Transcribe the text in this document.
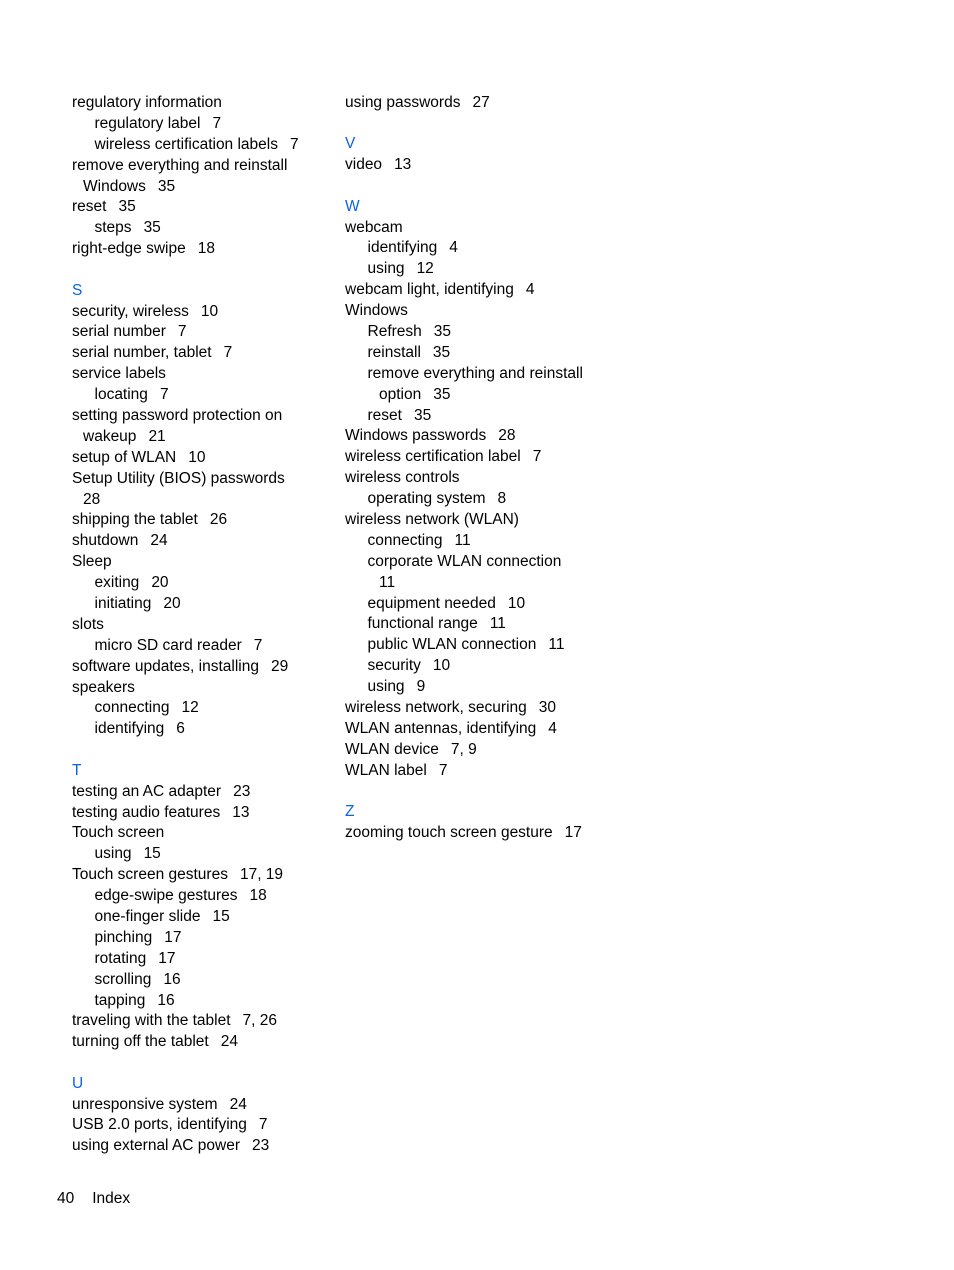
regulatory information
regulatory label 7
wireless certification labels 7
remove everything and reinstall
Windows 35
reset 35
steps 35
right-edge swipe 18
S
security, wireless 10
serial number 7
serial number, tablet 7
service labels
locating 7
setting password protection on
wakeup 21
setup of WLAN 10
Setup Utility (BIOS) passwords
28
shipping the tablet 26
shutdown 24
Sleep
exiting 20
initiating 20
slots
micro SD card reader 7
software updates, installing 29
speakers
connecting 12
identifying 6
T
testing an AC adapter 23
testing audio features 13
Touch screen
using 15
Touch screen gestures 17, 19
edge-swipe gestures 18
one-finger slide 15
pinching 17
rotating 17
scrolling 16
tapping 16
traveling with the tablet 7, 26
turning off the tablet 24
U
unresponsive system 24
USB 2.0 ports, identifying 7
using external AC power 23
using passwords 27
V
video 13
W
webcam
identifying 4
using 12
webcam light, identifying 4
Windows
Refresh 35
reinstall 35
remove everything and reinstall
option 35
reset 35
Windows passwords 28
wireless certification label 7
wireless controls
operating system 8
wireless network (WLAN)
connecting 11
corporate WLAN connection
11
equipment needed 10
functional range 11
public WLAN connection 11
security 10
using 9
wireless network, securing 30
WLAN antennas, identifying 4
WLAN device 7, 9
WLAN label 7
Z
zooming touch screen gesture 17
40 Index
